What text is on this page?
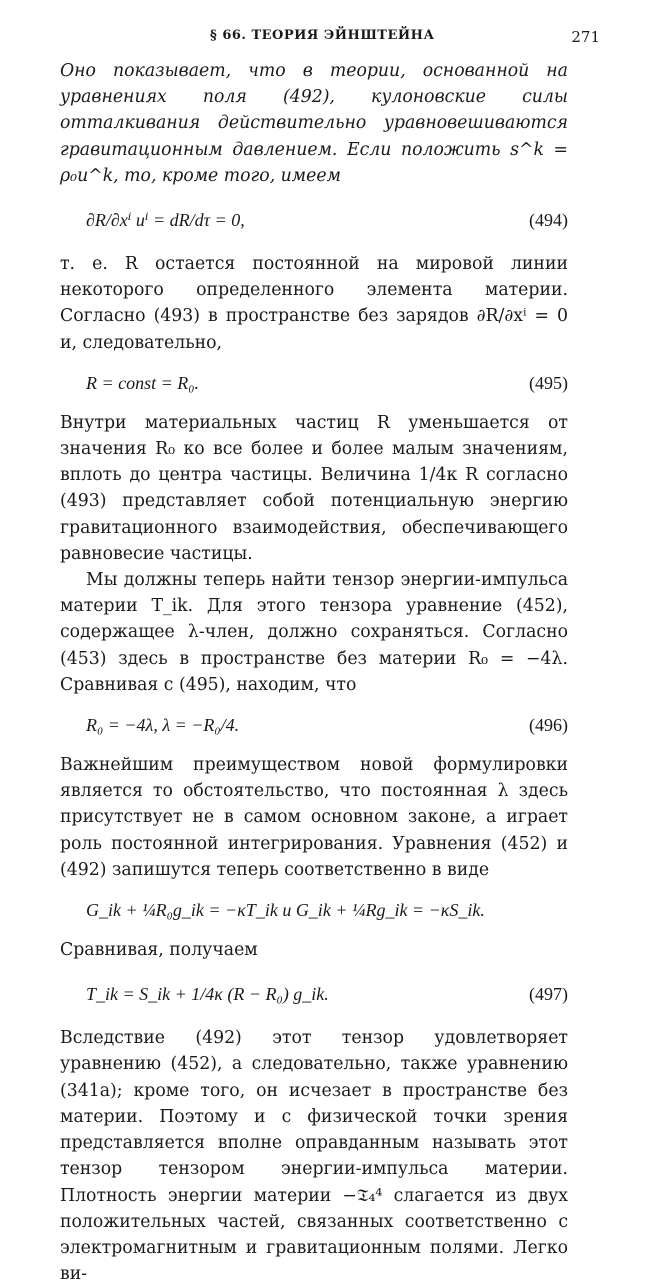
§ 66. ТЕОРИЯ ЭЙНШТЕЙНА	271

Оно показывает, что в теории, основанной на уравнениях поля (492), кулоновские силы отталкивания действительно уравновешиваются гравитационным давлением. Если положить s^k = ρ₀u^k, то, кроме того, имеем

∂R/∂xⁱ uⁱ = dR/dτ = 0,	(494)

т. е. R остается постоянной на мировой линии некоторого определенного элемента материи. Согласно (493) в пространстве без зарядов ∂R/∂xⁱ = 0 и, следовательно,

R = const = R₀.	(495)

Внутри материальных частиц R уменьшается от значения R₀ ко все более и более малым значениям, вплоть до центра частицы. Величина 1/4κ R согласно (493) представляет собой потенциальную энергию гравитационного взаимодействия, обеспечивающего равновесие частицы.

Мы должны теперь найти тензор энергии-импульса материи T_ik. Для этого тензора уравнение (452), содержащее λ-член, должно сохраняться. Согласно (453) здесь в пространстве без материи R₀ = −4λ. Сравнивая с (495), находим, что

R₀ = −4λ, λ = −R₀/4.	(496)

Важнейшим преимуществом новой формулировки является то обстоятельство, что постоянная λ здесь присутствует не в самом основном законе, а играет роль постоянной интегрирования. Уравнения (452) и (492) запишутся теперь соответственно в виде

G_ik + ¼R₀g_ik = −κT_ik и G_ik + ¼Rg_ik = −κS_ik.

Сравнивая, получаем

T_ik = S_ik + 1/4κ (R − R₀) g_ik.	(497)

Вследствие (492) этот тензор удовлетворяет уравнению (452), а следовательно, также уравнению (341a); кроме того, он исчезает в пространстве без материи. Поэтому и с физической точки зрения представляется вполне оправданным называть этот тензор тензором энергии-импульса материи. Плотность энергии материи −𝔗₄⁴ слагается из двух положительных частей, связанных соответственно с электромагнитным и гравитационным полями. Легко ви-
